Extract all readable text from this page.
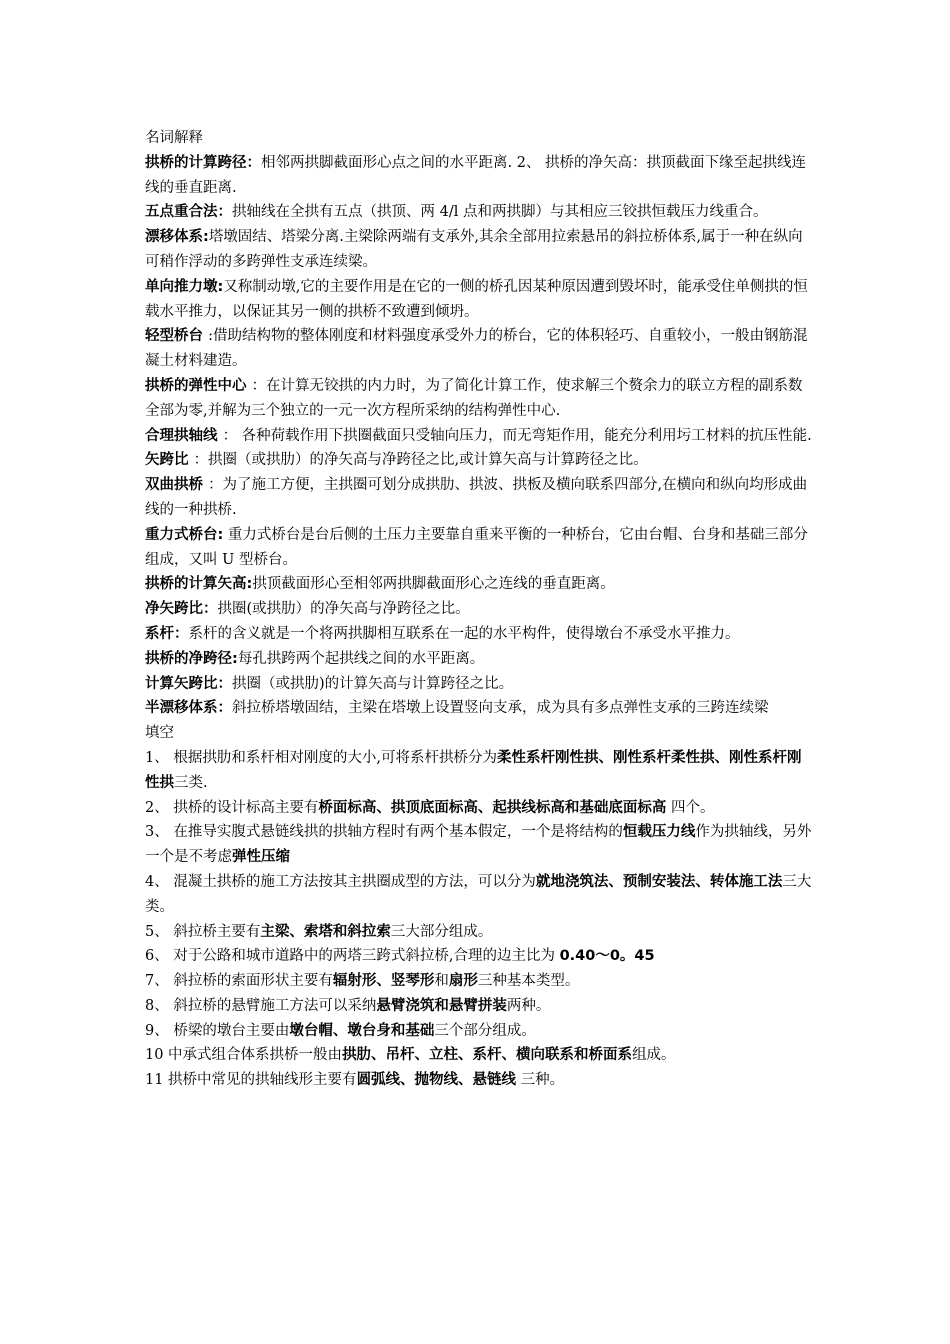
名词解释
拱桥的计算跨径：相邻两拱脚截面形心点之间的水平距离. 2、 拱桥的净矢高：拱顶截面下缘至起拱线连线的垂直距离.
五点重合法：拱轴线在全拱有五点（拱顶、两 4/l 点和两拱脚）与其相应三铰拱恒载压力线重合。
漂移体系:塔墩固结、塔梁分离.主梁除两端有支承外,其余全部用拉索悬吊的斜拉桥体系,属于一种在纵向可稍作浮动的多跨弹性支承连续梁。
单向推力墩:又称制动墩,它的主要作用是在它的一侧的桥孔因某种原因遭到毁坏时，能承受住单侧拱的恒载水平推力，以保证其另一侧的拱桥不致遭到倾坍。
轻型桥台 :借助结构物的整体刚度和材料强度承受外力的桥台，它的体积轻巧、自重较小，一般由钢筋混凝土材料建造。
拱桥的弹性中心 ：在计算无铰拱的内力时，为了简化计算工作，使求解三个赘余力的联立方程的副系数全部为零,并解为三个独立的一元一次方程所采纳的结构弹性中心.
合理拱轴线 ： 各种荷载作用下拱圈截面只受轴向压力，而无弯矩作用，能充分利用圬工材料的抗压性能.
矢跨比 ：拱圈（或拱肋）的净矢高与净跨径之比,或计算矢高与计算跨径之比。
双曲拱桥 ：为了施工方便，主拱圈可划分成拱肋、拱波、拱板及横向联系四部分,在横向和纵向均形成曲线的一种拱桥.
重力式桥台: 重力式桥台是台后侧的土压力主要靠自重来平衡的一种桥台，它由台帽、台身和基础三部分组成，又叫 U 型桥台。
拱桥的计算矢高:拱顶截面形心至相邻两拱脚截面形心之连线的垂直距离。
净矢跨比：拱圈(或拱肋）的净矢高与净跨径之比。
系杆：系杆的含义就是一个将两拱脚相互联系在一起的水平构件，使得墩台不承受水平推力。
拱桥的净跨径:每孔拱跨两个起拱线之间的水平距离。
计算矢跨比：拱圈（或拱肋)的计算矢高与计算跨径之比。
半漂移体系：斜拉桥塔墩固结，主梁在塔墩上设置竖向支承，成为具有多点弹性支承的三跨连续梁
填空
1、 根据拱肋和系杆相对刚度的大小,可将系杆拱桥分为柔性系杆刚性拱、刚性系杆柔性拱、刚性系杆刚性拱三类.
2、 拱桥的设计标高主要有桥面标高、拱顶底面标高、起拱线标高和基础底面标高 四个。
3、 在推导实腹式悬链线拱的拱轴方程时有两个基本假定，一个是将结构的恒载压力线作为拱轴线，另外一个是不考虑弹性压缩
4、 混凝土拱桥的施工方法按其主拱圈成型的方法，可以分为就地浇筑法、预制安装法、转体施工法三大类。
5、 斜拉桥主要有主梁、索塔和斜拉索三大部分组成。
6、 对于公路和城市道路中的两塔三跨式斜拉桥,合理的边主比为 0.40～0。45
7、 斜拉桥的索面形状主要有辐射形、竖琴形和扇形三种基本类型。
8、 斜拉桥的悬臂施工方法可以采纳悬臂浇筑和悬臂拼装两种。
9、 桥梁的墩台主要由墩台帽、墩台身和基础三个部分组成。
10 中承式组合体系拱桥一般由拱肋、吊杆、立柱、系杆、横向联系和桥面系组成。
11 拱桥中常见的拱轴线形主要有圆弧线、抛物线、悬链线 三种。
